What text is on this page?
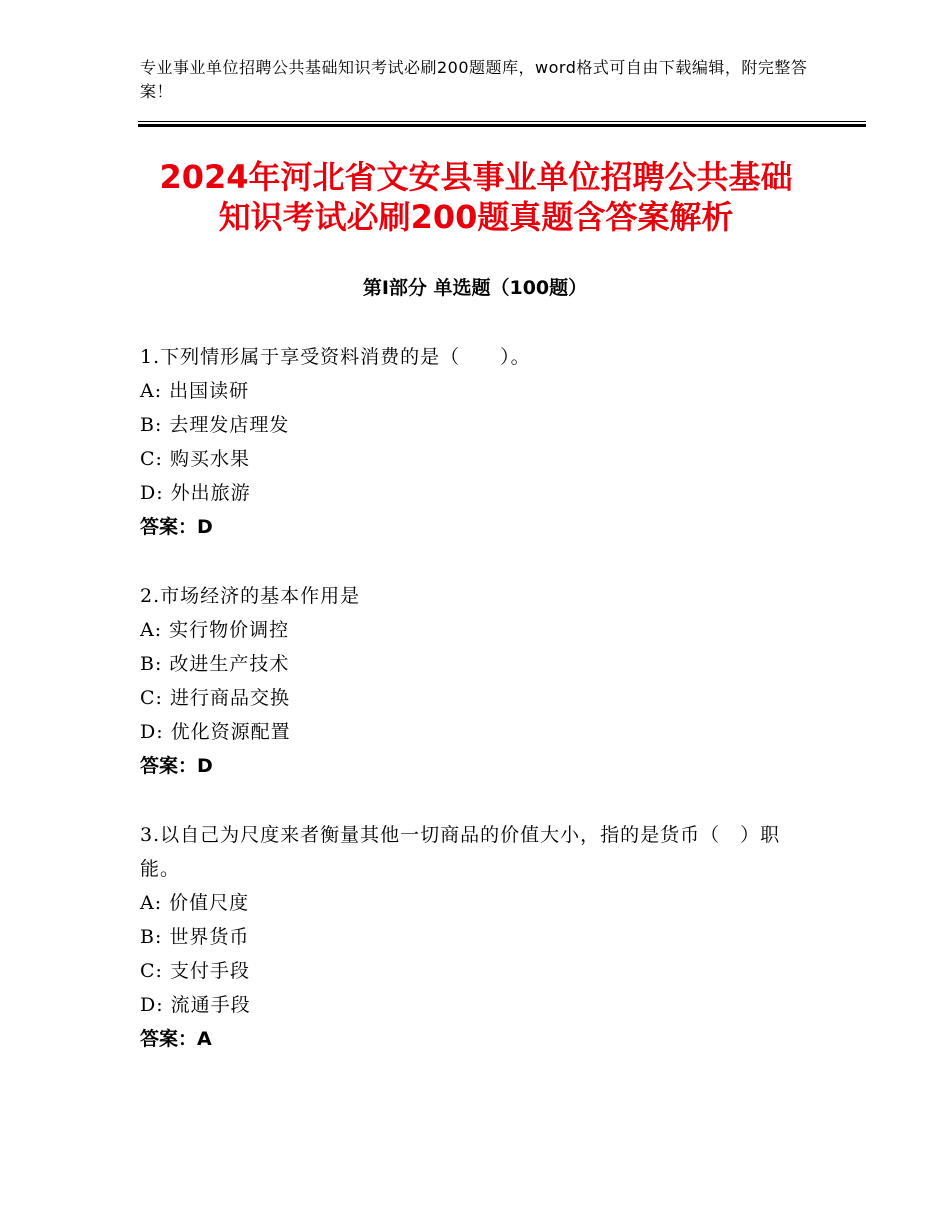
专业事业单位招聘公共基础知识考试必刷200题题库，word格式可自由下载编辑，附完整答案！
2024年河北省文安县事业单位招聘公共基础
知识考试必刷200题真题含答案解析
第Ⅰ部分 单选题（100题）
1.下列情形属于享受资料消费的是（　　）。
A: 出国读研
B: 去理发店理发
C: 购买水果
D: 外出旅游
答案：D
2.市场经济的基本作用是
A: 实行物价调控
B: 改进生产技术
C: 进行商品交换
D: 优化资源配置
答案：D
3.以自己为尺度来者衡量其他一切商品的价值大小，指的是货币（　）职能。
A: 价值尺度
B: 世界货币
C: 支付手段
D: 流通手段
答案：A
